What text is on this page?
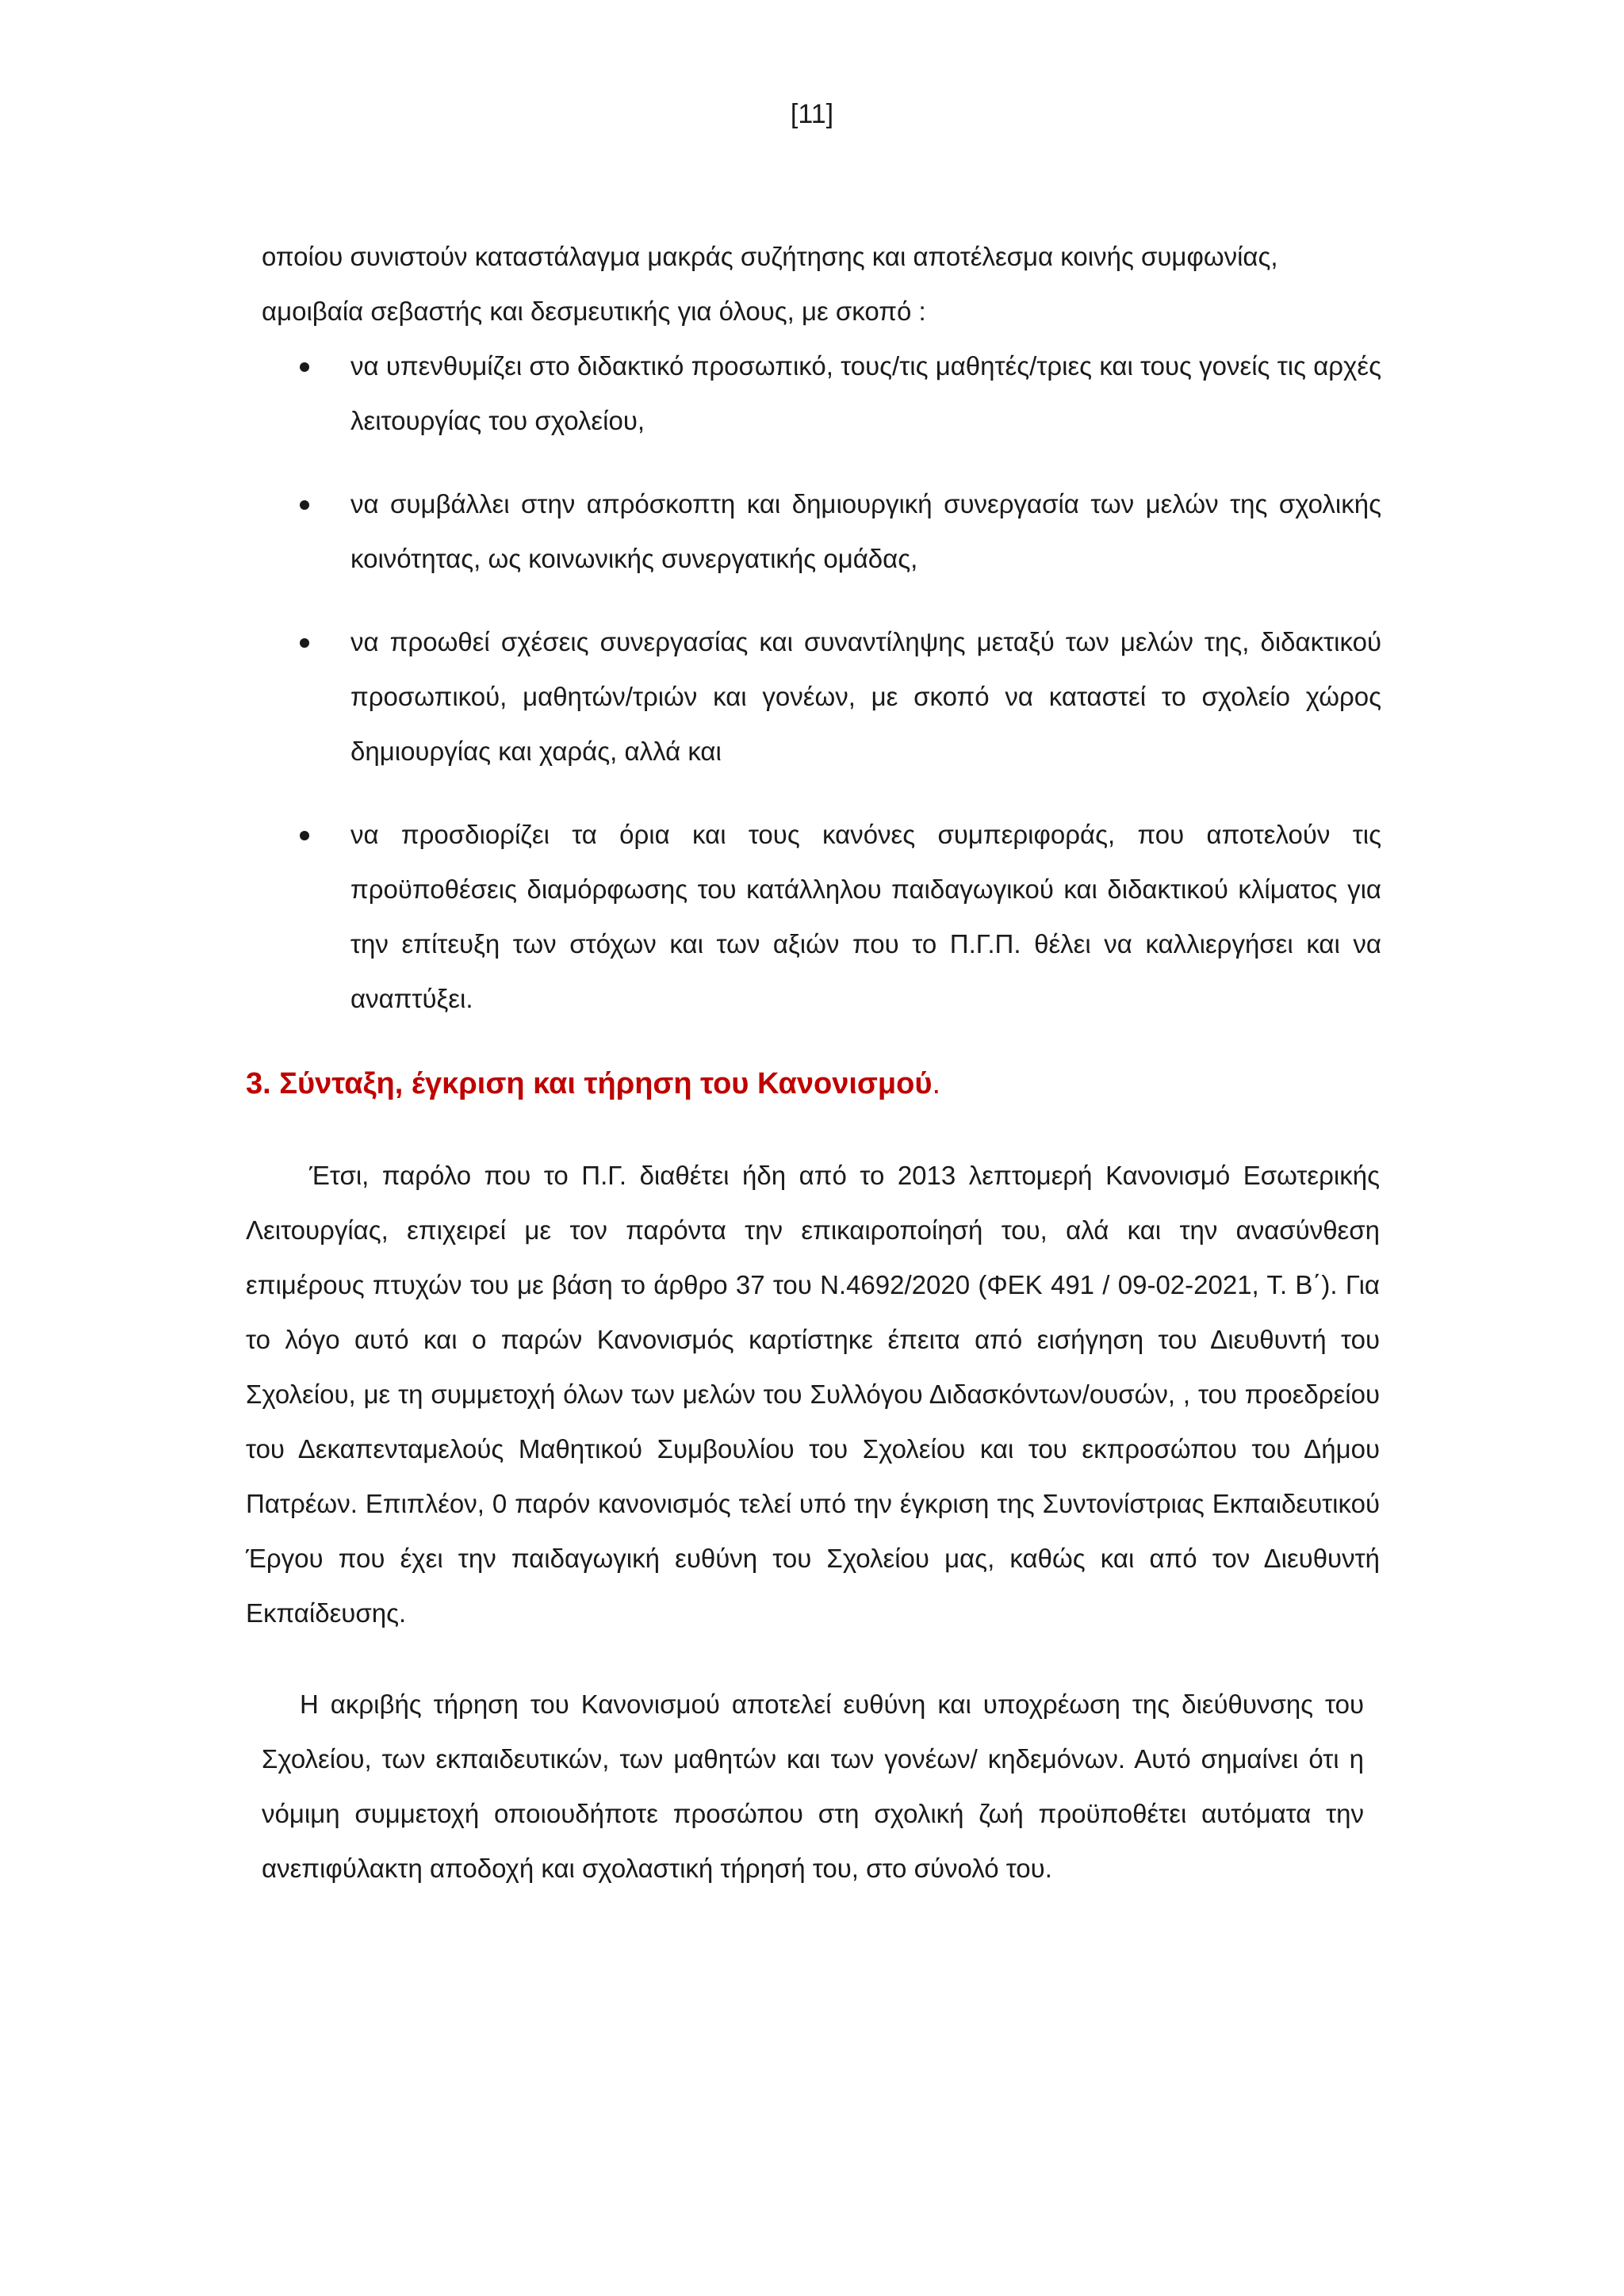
[11]

οποίου συνιστούν καταστάλαγμα μακράς συζήτησης και αποτέλεσμα κοινής συμφωνίας,

αμοιβαία σεβαστής και δεσμευτικής για όλους, με σκοπό :

να υπενθυμίζει στο διδακτικό προσωπικό, τους/τις μαθητές/τριες και τους γονείς τις αρχές λειτουργίας του σχολείου,
να συμβάλλει στην απρόσκοπτη και δημιουργική συνεργασία των μελών της σχολικής κοινότητας, ως κοινωνικής συνεργατικής ομάδας,
να προωθεί σχέσεις συνεργασίας και συναντίληψης μεταξύ των μελών της, διδακτικού προσωπικού, μαθητών/τριών και γονέων, με σκοπό να καταστεί το σχολείο χώρος δημιουργίας και χαράς, αλλά και
να προσδιορίζει τα όρια και τους κανόνες συμπεριφοράς, που αποτελούν τις προϋποθέσεις διαμόρφωσης του κατάλληλου παιδαγωγικού και διδακτικού κλίματος για την επίτευξη των στόχων και των αξιών που το Π.Γ.Π. θέλει να καλλιεργήσει και να αναπτύξει.
3. Σύνταξη, έγκριση και τήρηση του Κανονισμού.

Έτσι, παρόλο που το Π.Γ. διαθέτει ήδη από το 2013 λεπτομερή Κανονισμό Εσωτερικής Λειτουργίας, επιχειρεί με τον παρόντα την επικαιροποίησή του, αλά και την ανασύνθεση επιμέρους πτυχών του με βάση το άρθρο 37 του Ν.4692/2020 (ΦΕΚ 491 / 09-02-2021, Τ. Β΄). Για το λόγο αυτό και ο παρών Κανονισμός καρτίστηκε έπειτα από εισήγηση του Διευθυντή του Σχολείου, με τη συμμετοχή όλων των μελών του Συλλόγου Διδασκόντων/ουσών, , του προεδρείου του Δεκαπενταμελούς Μαθητικού Συμβουλίου του Σχολείου και του εκπροσώπου του Δήμου Πατρέων. Επιπλέον, 0 παρόν κανονισμός τελεί υπό την έγκριση της Συντονίστριας Εκπαιδευτικού Έργου που έχει την παιδαγωγική ευθύνη του Σχολείου μας, καθώς και από τον Διευθυντή Εκπαίδευσης.

Η ακριβής τήρηση του Κανονισμού αποτελεί ευθύνη και υποχρέωση της διεύθυνσης του Σχολείου, των εκπαιδευτικών, των μαθητών και των γονέων/ κηδεμόνων. Αυτό σημαίνει ότι η νόμιμη συμμετοχή οποιουδήποτε προσώπου στη σχολική ζωή προϋποθέτει αυτόματα την ανεπιφύλακτη αποδοχή και σχολαστική τήρησή του, στο σύνολό του.
